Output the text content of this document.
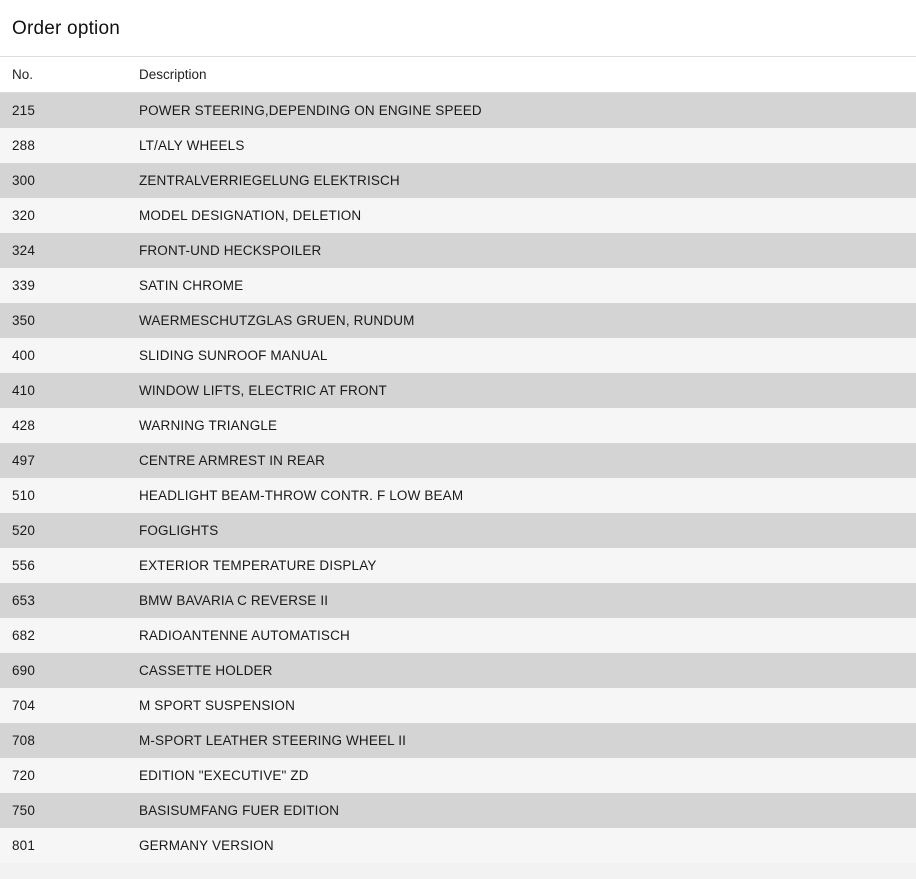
Order option
No.	Description
215	POWER STEERING,DEPENDING ON ENGINE SPEED
288	LT/ALY WHEELS
300	ZENTRALVERRIEGELUNG ELEKTRISCH
320	MODEL DESIGNATION, DELETION
324	FRONT-UND HECKSPOILER
339	SATIN CHROME
350	WAERMESCHUTZGLAS GRUEN, RUNDUM
400	SLIDING SUNROOF MANUAL
410	WINDOW LIFTS, ELECTRIC AT FRONT
428	WARNING TRIANGLE
497	CENTRE ARMREST IN REAR
510	HEADLIGHT BEAM-THROW CONTR. F LOW BEAM
520	FOGLIGHTS
556	EXTERIOR TEMPERATURE DISPLAY
653	BMW BAVARIA C REVERSE II
682	RADIOANTENNE AUTOMATISCH
690	CASSETTE HOLDER
704	M SPORT SUSPENSION
708	M-SPORT LEATHER STEERING WHEEL II
720	EDITION "EXECUTIVE" ZD
750	BASISUMFANG FUER EDITION
801	GERMANY VERSION
